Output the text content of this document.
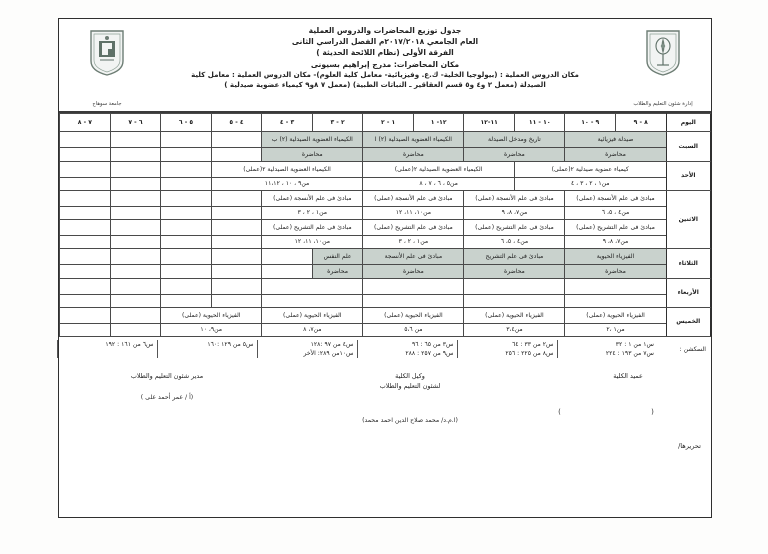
إدارة شئون التعليم والطلاب
جدول توزيع المحاضرات والدروس العملية
العام الجامعي ٢٠١٧/٢٠١٨م الفصل الدراسي الثانى
الفرقة الأولى (نظام اللائحة الحديثة )
مكان المحاضرات: مدرج إبراهيم بسيونى
مكان الدروس العملية : (بيولوجيا الخلية- ك.ع. وفيزيائية- معامل كلية العلوم)- مكان الدروس العملية : معامل كلية
الصيدلة (معمل ٢ و٤ و٥ قسم العقاقير ـ النباتات الطبية) (معمل ٧ ٨و٩ كيمياء عضوية صيدلية )
جامعة سوهاج
اليوم	٨ - ٩	٩ - ١٠	١٠ - ١١	١١-١٢	١٢- ١	١ - ٢	٢ - ٣	٣ - ٤	٤ - ٥	٥ - ٦	٦ - ٧	٧ - ٨
السبت	صيدلة فيزيائية		تاريخ ومدخل الصيدلة		الكيمياء العضوية الصيدلية (٢) ا		الكيمياء العضوية الصيدلية (٢) ب					
	محاضرة		محاضرة		محاضرة		محاضرة					
الأحد	كيمياء عضوية صيدلية ٢(عملى)			الكيمياء العضوية الصيدلية ٢(عملى)			الكيمياء العضوية الصيدلية ٢(عملى)					
	من١ ، ٢ ، ٣ ، ٤			من٥ ، ٦ ، ٧ ، ٨			من٩ ، ١٠ ، ١١،١٢					
الاثنين	مبادئ فى علم الأنسجة (عملى)		مبادئ فى علم الأنسجة (عملى)		مبادئ فى علم الأنسجة (عملى)		مبادئ فى علم الأنسجة (عملى)					
	من٤ ، ٥، ٦		من٧، ٨، ٩		من١٠، ١١، ١٢		من١ ، ٢ ، ٣					
	مبادئ فى علم التشريح (عملى)		مبادئ فى علم التشريح (عملى)		مبادئ فى علم التشريح (عملى)		مبادئ فى علم التشريح (عملى)					
	من٧، ٨، ٩		من٤ ، ٥، ٦		من١ ، ٢ ، ٣		من١٠، ١١، ١٢					
الثلاثاء	الفيزياء الحيوية		مبادئ فى علم التشريح		مبادئ فى علم الأنسجة		علم النفس					
	محاضرة		محاضرة		محاضرة		محاضرة					
الأربعاء												

الخميس	الفيزياء الحيوية (عملى)		الفيزياء الحيوية (عملى)		الفيزياء الحيوية (عملى)		الفيزياء الحيوية (عملى)		الفيزياء الحيوية (عملى)			
	من١ ،٢		من٣،٤		من ٥،٦		من٧، ٨		من٩، ١٠			
السكشن :	س١ من ١ : ٣٢	س٢ من ٣٣ : ٦٤	س٣ من ٦٥ : ٩٦	س٤ من ٩٧ :١٢٨	س٥ من ١٢٩ :١٦٠	س٦ من ١٦١ : ١٩٢
	س٧ من ١٩٣ : ٢٢٤	س٨ من ٢٢٥ : ٢٥٦	س٩ من ٢٥٧ : ٢٨٨	س١٠من ٢٨٩: الأخر		
عميد الكلية
( )
وكيل الكلية
لشئون التعليم والطلاب
(ا.م.د/ محمد صلاح الدين احمد محمد)
مدير شئون التعليم والطلاب
(أ / عمر أحمد على )
تحريرها/
